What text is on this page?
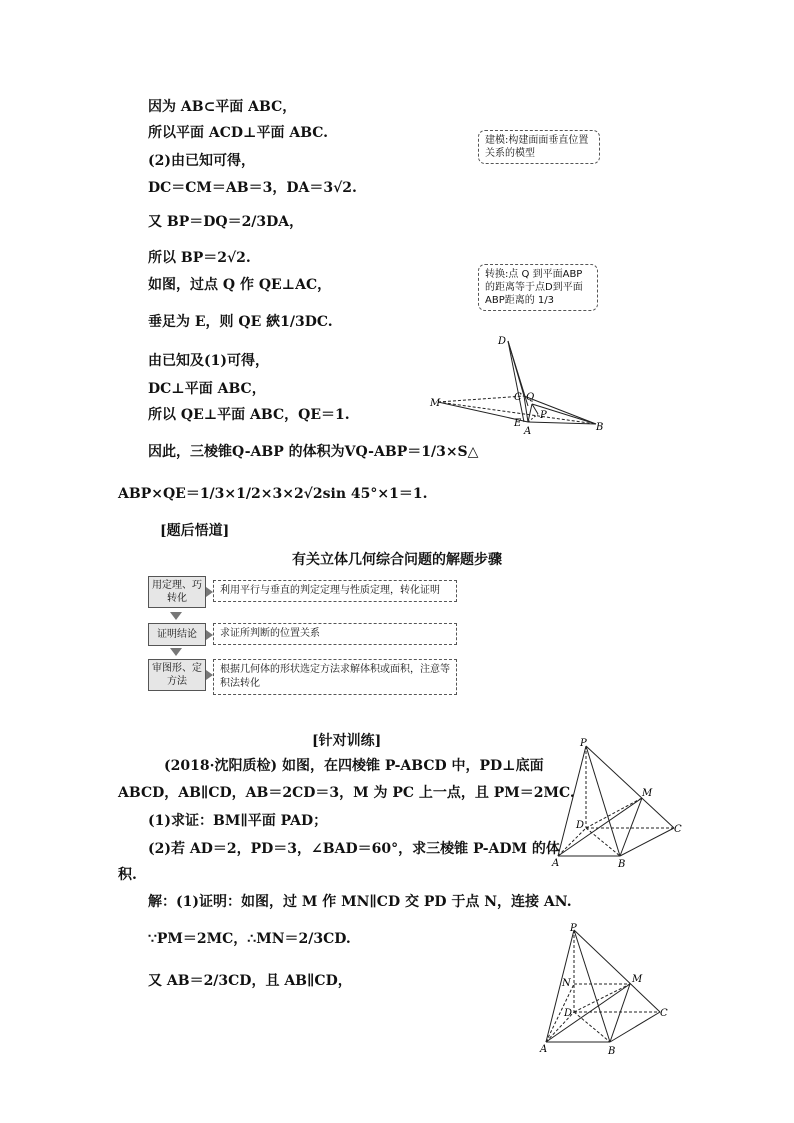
因为 AB⊂平面 ABC，
所以平面 ACD⊥平面 ABC.
(2)由已知可得，
DC＝CM＝AB＝3，DA＝3√2.
又 BP＝DQ＝2/3DA，
所以 BP＝2√2.
如图，过点 Q 作 QE⊥AC，
垂足为 E，则 QE 綊1/3DC.
由已知及(1)可得，
DC⊥平面 ABC，
所以 QE⊥平面 ABC，QE＝1.
因此，三棱锥Q-ABP 的体积为VQ-ABP＝1/3×S△
ABP×QE＝1/3×1/2×3×2√2sin 45°×1＝1.
建模:构建面面垂直位置关系的模型
转换:点 Q 到平面ABP的距离等于点D到平面ABP距离的 1/3
D
C Q
P
M
E
A	B
[题后悟道]
有关立体几何综合问题的解题步骤
用定理、巧转化
利用平行与垂直的判定定理与性质定理，转化证明
证明结论	求证所判断的位置关系
审图形、定方法
根据几何体的形状选定方法求解体积或面积，注意等积法转化
[针对训练]
(2018·沈阳质检) 如图，在四棱锥 P-ABCD 中，PD⊥底面
ABCD，AB∥CD，AB＝2CD＝3，M 为 PC 上一点，且 PM＝2MC.
(1)求证：BM∥平面 PAD；
(2)若 AD＝2，PD＝3，∠BAD＝60°，求三棱锥 P-ADM 的体
积.
解：(1)证明：如图，过 M 作 MN∥CD 交 PD 于点 N，连接 AN.
∵PM＝2MC，∴MN＝2/3CD.
又 AB＝2/3CD，且 AB∥CD，
P
M
D	C
A	B
P
N	M
D	C
A	B
